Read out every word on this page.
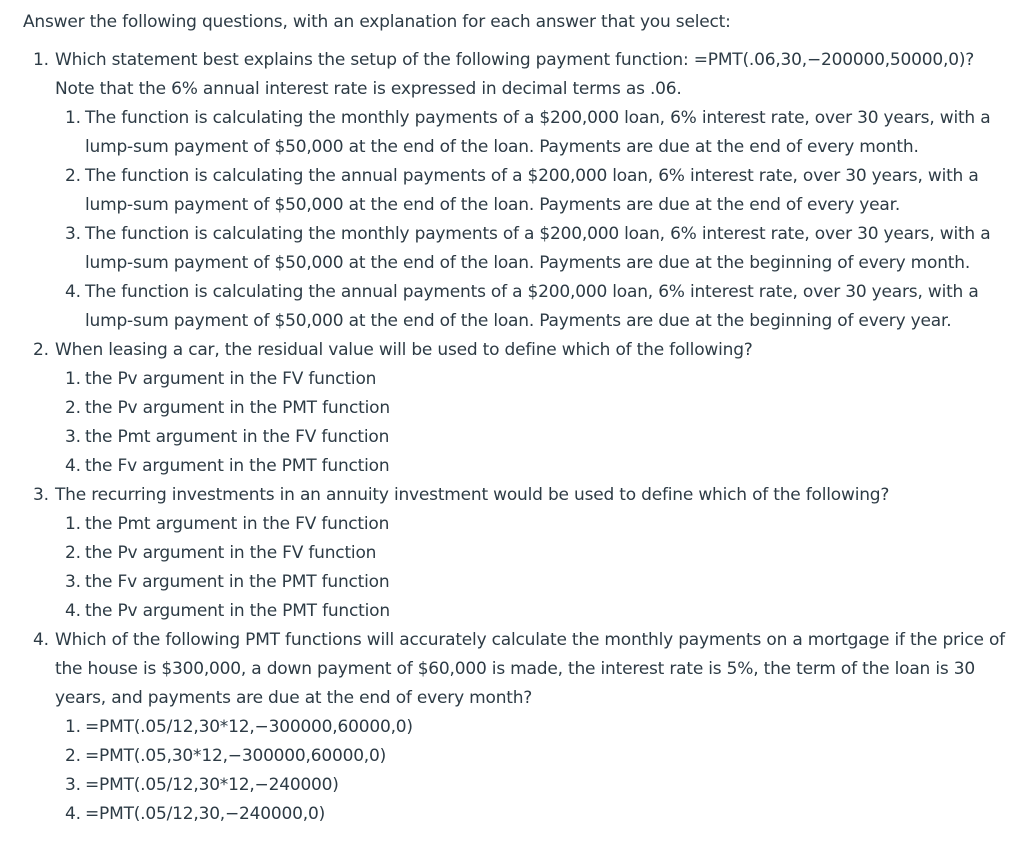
Answer the following questions, with an explanation for each answer that you select:

1. Which statement best explains the setup of the following payment function: =PMT(.06,30,−200000,50000,0)? Note that the 6% annual interest rate is expressed in decimal terms as .06.
1. The function is calculating the monthly payments of a $200,000 loan, 6% interest rate, over 30 years, with a lump-sum payment of $50,000 at the end of the loan. Payments are due at the end of every month.
2. The function is calculating the annual payments of a $200,000 loan, 6% interest rate, over 30 years, with a lump-sum payment of $50,000 at the end of the loan. Payments are due at the end of every year.
3. The function is calculating the monthly payments of a $200,000 loan, 6% interest rate, over 30 years, with a lump-sum payment of $50,000 at the end of the loan. Payments are due at the beginning of every month.
4. The function is calculating the annual payments of a $200,000 loan, 6% interest rate, over 30 years, with a lump-sum payment of $50,000 at the end of the loan. Payments are due at the beginning of every year.
2. When leasing a car, the residual value will be used to define which of the following?
1. the Pv argument in the FV function
2. the Pv argument in the PMT function
3. the Pmt argument in the FV function
4. the Fv argument in the PMT function
3. The recurring investments in an annuity investment would be used to define which of the following?
1. the Pmt argument in the FV function
2. the Pv argument in the FV function
3. the Fv argument in the PMT function
4. the Pv argument in the PMT function
4. Which of the following PMT functions will accurately calculate the monthly payments on a mortgage if the price of the house is $300,000, a down payment of $60,000 is made, the interest rate is 5%, the term of the loan is 30 years, and payments are due at the end of every month?
1. =PMT(.05/12,30*12,−300000,60000,0)
2. =PMT(.05,30*12,−300000,60000,0)
3. =PMT(.05/12,30*12,−240000)
4. =PMT(.05/12,30,−240000,0)
